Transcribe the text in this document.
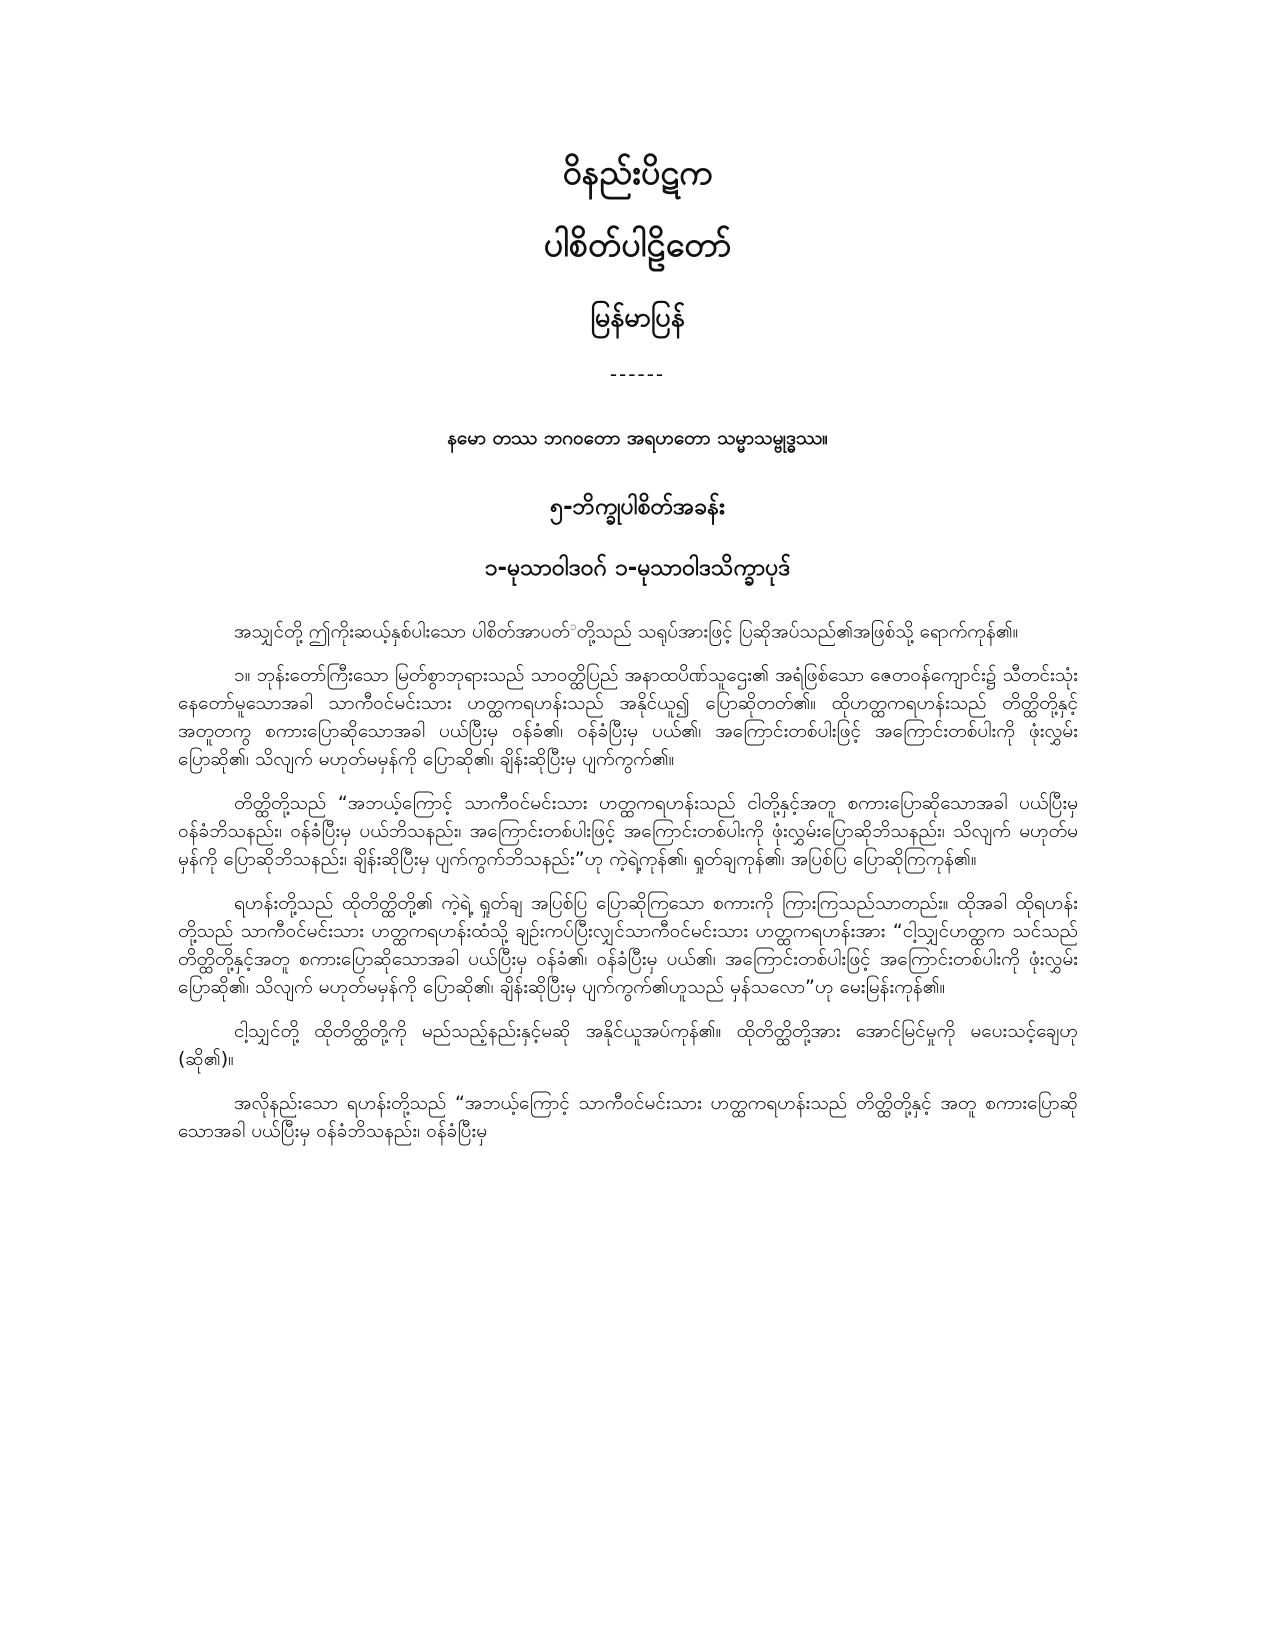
ဝိနည်းပိဋက
ပါစိတ်ပါဠိတော်
မြန်မာပြန်
------
နမော တဿ ဘဂဝတော အရဟတော သမ္မာသမ္ဗုဒ္ဓဿ။
၅-ဘိက္ခုပါစိတ်အခန်း
၁-မုသာဝါဒဝဂ် ၁-မုသာဝါဒသိက္ခာပုဒ်

အသျှင်တို့ ဤကိုးဆယ့်နှစ်ပါးသော ပါစိတ်အာပတ်$^၁$တို့သည် သရုပ်အားဖြင့် ပြဆိုအပ်သည်၏အဖြစ်သို့ ရောက်ကုန်၏။

၁။ ဘုန်းတော်ကြီးသော မြတ်စွာဘုရားသည် သာဝတ္ထိပြည် အနာထပိဏ်သူဌေး၏ အရံဖြစ်သော ဇေတဝန်ကျောင်း၌ သီတင်းသုံးနေတော်မူသောအခါ သာကီဝင်မင်းသား ဟတ္ထကရဟန်းသည် အနိုင်ယူ၍ ပြောဆိုတတ်၏။ ထိုဟတ္ထကရဟန်းသည် တိတ္ထိတို့နှင့် အတူတကွ စကားပြောဆိုသောအခါ ပယ်ပြီးမှ ဝန်ခံ၏၊ ဝန်ခံပြီးမှ ပယ်၏၊ အကြောင်းတစ်ပါးဖြင့် အကြောင်းတစ်ပါးကို ဖုံးလွှမ်းပြောဆို၏၊ သိလျက် မဟုတ်မမှန်ကို ပြောဆို၏၊ ချိန်းဆိုပြီးမှ ပျက်ကွက်၏။

တိတ္ထိတို့သည် “အဘယ့်ကြောင့် သာကီဝင်မင်းသား ဟတ္ထကရဟန်းသည် ငါတို့နှင့်အတူ စကားပြောဆိုသောအခါ ပယ်ပြီးမှ ဝန်ခံဘိသနည်း၊ ဝန်ခံပြီးမှ ပယ်ဘိသနည်း၊ အကြောင်းတစ်ပါးဖြင့် အကြောင်းတစ်ပါးကို ဖုံးလွှမ်းပြောဆိုဘိသနည်း၊ သိလျက် မဟုတ်မမှန်ကို ပြောဆိုဘိသနည်း၊ ချိန်းဆိုပြီးမှ ပျက်ကွက်ဘိသနည်း”ဟု ကဲ့ရဲ့ကုန်၏၊ ရှုတ်ချကုန်၏၊ အပြစ်ပြ ပြောဆိုကြကုန်၏။

ရဟန်းတို့သည် ထိုတိတ္ထိတို့၏ ကဲ့ရဲ့ ရှုတ်ချ အပြစ်ပြ ပြောဆိုကြသော စကားကို ကြားကြသည်သာတည်း။ ထိုအခါ ထိုရဟန်းတို့သည် သာကီဝင်မင်းသား ဟတ္ထကရဟန်းထံသို့ ချဉ်းကပ်ပြီးလျှင်သာကီဝင်မင်းသား ဟတ္ထကရဟန်းအား “ငါ့သျှင်ဟတ္ထက သင်သည် တိတ္ထိတို့နှင့်အတူ စကားပြောဆိုသောအခါ ပယ်ပြီးမှ ဝန်ခံ၏၊ ဝန်ခံပြီးမှ ပယ်၏၊ အကြောင်းတစ်ပါးဖြင့် အကြောင်းတစ်ပါးကို ဖုံးလွှမ်းပြောဆို၏၊ သိလျက် မဟုတ်မမှန်ကို ပြောဆို၏၊ ချိန်းဆိုပြီးမှ ပျက်ကွက်၏ဟူသည် မှန်သလော”ဟု မေးမြန်းကုန်၏။

ငါ့သျှင်တို့ ထိုတိတ္ထိတို့ကို မည်သည့်နည်းနှင့်မဆို အနိုင်ယူအပ်ကုန်၏။ ထိုတိတ္ထိတို့အား အောင်မြင်မှုကို မပေးသင့်ချေဟု (ဆို၏)။

အလိုနည်းသော ရဟန်းတို့သည် “အဘယ့်ကြောင့် သာကီဝင်မင်းသား ဟတ္ထကရဟန်းသည် တိတ္ထိတို့နှင့် အတူ စကားပြောဆိုသောအခါ ပယ်ပြီးမှ ဝန်ခံဘိသနည်း၊ ဝန်ခံပြီးမှ
